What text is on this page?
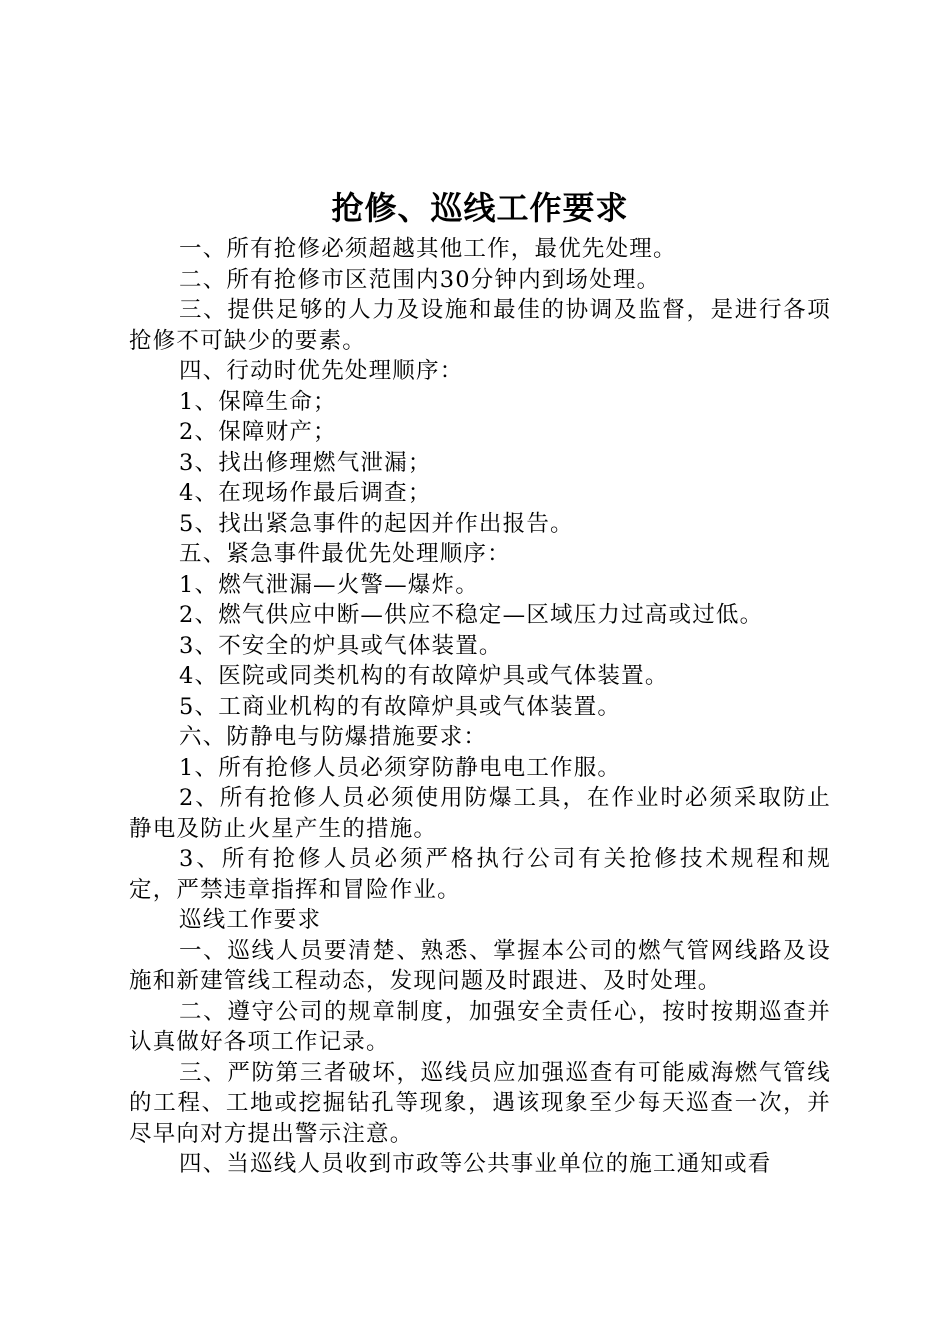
抢修、巡线工作要求

一、所有抢修必须超越其他工作，最优先处理。

二、所有抢修市区范围内30分钟内到场处理。

三、提供足够的人力及设施和最佳的协调及监督，是进行各项抢修不可缺少的要素。

四、行动时优先处理顺序：

1、保障生命；

2、保障财产；

3、找出修理燃气泄漏；

4、在现场作最后调查；

5、找出紧急事件的起因并作出报告。

五、紧急事件最优先处理顺序：

1、燃气泄漏—火警—爆炸。

2、燃气供应中断—供应不稳定—区域压力过高或过低。

3、不安全的炉具或气体装置。

4、医院或同类机构的有故障炉具或气体装置。

5、工商业机构的有故障炉具或气体装置。

六、防静电与防爆措施要求：

1、所有抢修人员必须穿防静电电工作服。

2、所有抢修人员必须使用防爆工具，在作业时必须采取防止静电及防止火星产生的措施。

3、所有抢修人员必须严格执行公司有关抢修技术规程和规定，严禁违章指挥和冒险作业。

巡线工作要求

一、巡线人员要清楚、熟悉、掌握本公司的燃气管网线路及设施和新建管线工程动态，发现问题及时跟进、及时处理。

二、遵守公司的规章制度，加强安全责任心，按时按期巡查并认真做好各项工作记录。

三、严防第三者破坏，巡线员应加强巡查有可能威海燃气管线的工程、工地或挖掘钻孔等现象，遇该现象至少每天巡查一次，并尽早向对方提出警示注意。

四、当巡线人员收到市政等公共事业单位的施工通知或看
